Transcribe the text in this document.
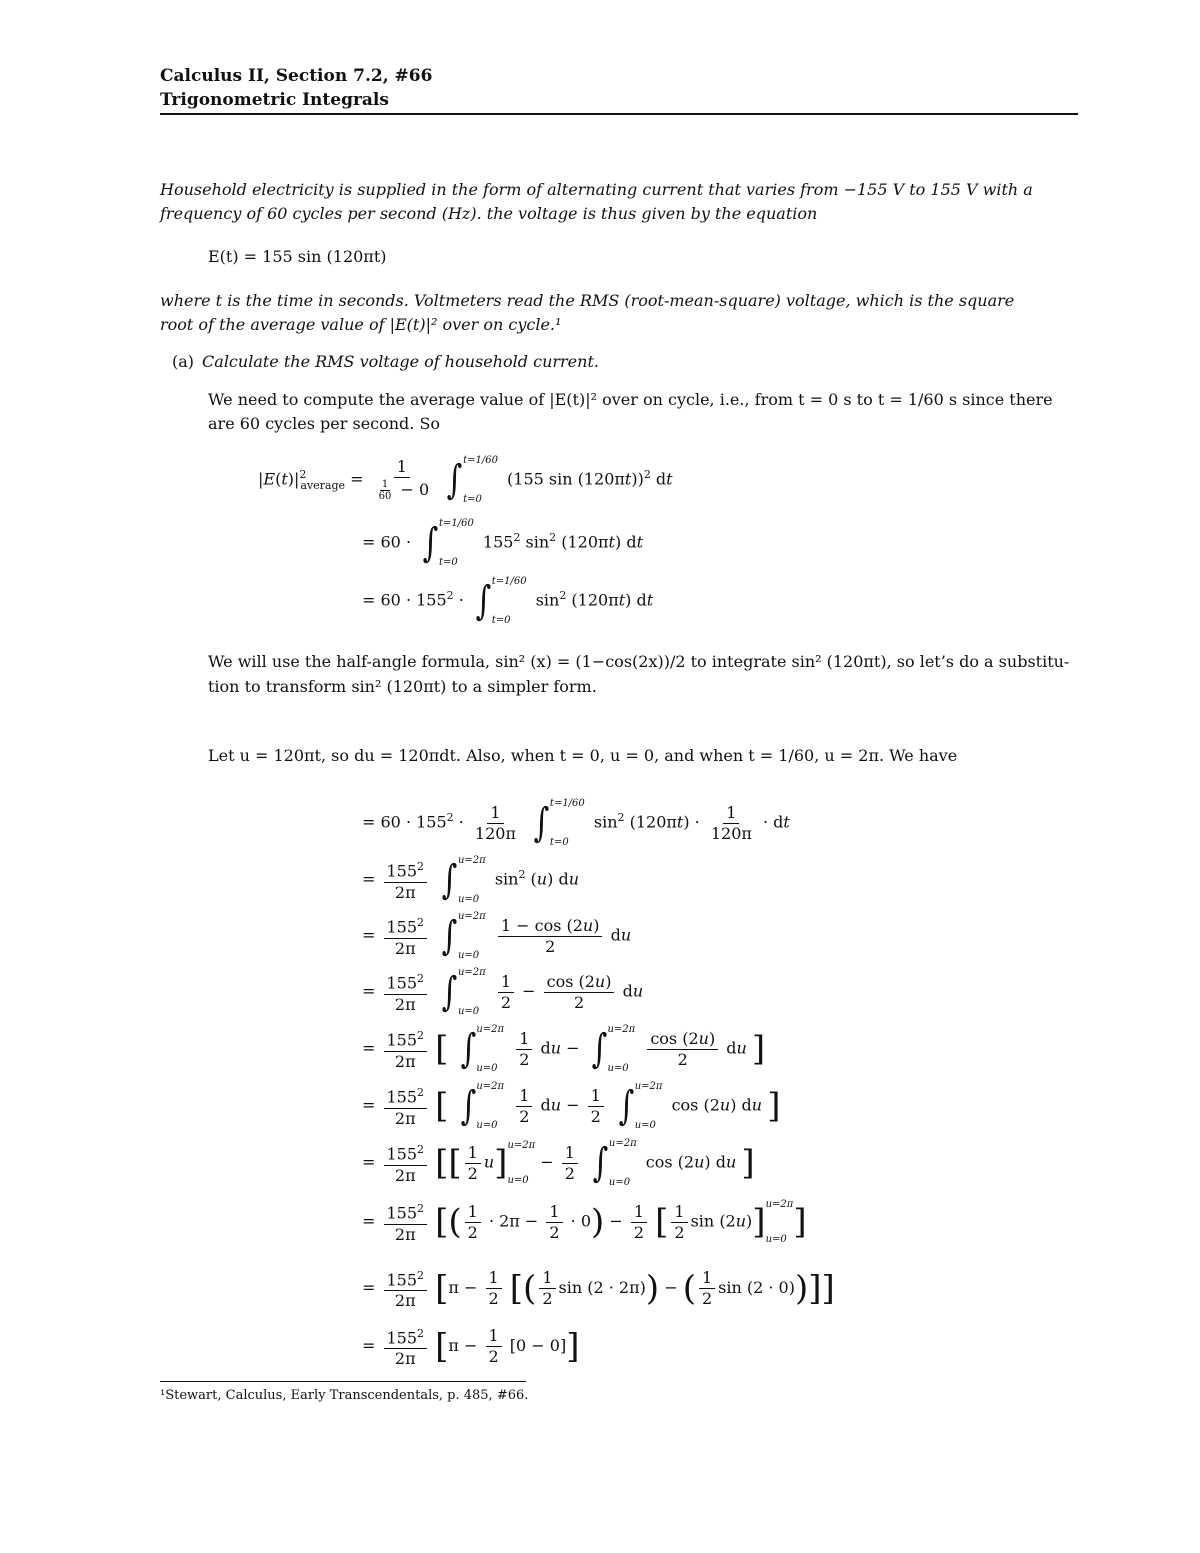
Calculus II, Section 7.2, #66
Trigonometric Integrals
Household electricity is supplied in the form of alternating current that varies from −155 V to 155 V with a
frequency of 60 cycles per second (Hz). the voltage is thus given by the equation
E(t) = 155 sin (120πt)
where t is the time in seconds. Voltmeters read the RMS (root-mean-square) voltage, which is the square
root of the average value of |E(t)|² over on cycle.¹
(a) Calculate the RMS voltage of household current.
We need to compute the average value of |E(t)|² over on cycle, i.e., from t = 0 s to t = 1/60 s since there
are 60 cycles per second. So
$|E(t)|^2_{average} = \frac{1}{\frac{1}{60} - 0}$
∫ t=1/60
t=0
(155 sin (120πt))$^2$ dt
= 60 · ∫ t=1/60
t=0
$155^2$ $\sin^2 (120\pi t)$ dt
= $60 \cdot 155^2$ · ∫ t=1/60
t=0
$\sin^2 (120\pi t)$ dt
We will use the half-angle formula, sin² (x) = (1−cos(2x))/2 to integrate sin² (120πt), so let’s do a substitu-
tion to transform sin² (120πt) to a simpler form.
Let u = 120πt, so du = 120πdt. Also, when t = 0, u = 0, and when t = 1/60, u = 2π. We have
= $60 \cdot 155^2 \cdot \frac{1}{120\pi}$
∫ t=1/60
t=0
$\sin^2 (120\pi t) \cdot \frac{1}{120\pi}$ · dt
= $\frac{155^2}{2\pi}$
∫ u=2π
u=0
$\sin^2 (u)$ du
= $\frac{155^2}{2\pi}$
∫ u=2π
u=0
	$\frac{1 - \cos (2u)}{2}$ du
= $\frac{155^2}{2\pi}$
∫ u=2π
u=0
	$\frac{1}{2} - \frac{\cos (2u)}{2}$ du
= $\frac{155^2}{2\pi}$ [ ∫ u=2π
u=0
	$\frac{1}{2}$ du − ∫ u=2π
u=0
	$\frac{\cos (2u)}{2}$ du ]
= $\frac{155^2}{2\pi}$ [ ∫ u=2π
u=0
	$\frac{1}{2}$ du − $\frac{1}{2}$
∫ u=2π
u=0
cos (2u) du ]
= $\frac{155^2}{2\pi}$ [[ $\frac{1}{2} u$] u=2π
u=0
− $\frac{1}{2}$
∫ u=2π
u=0
cos (2u) du ]
= $\frac{155^2}{2\pi}$ [( $\frac{1}{2} \cdot 2\pi - \frac{1}{2} \cdot 0) - \frac{1}{2}$ [ $\frac{1}{2}$ sin (2u)] u=2π
u=0 ]
= $\frac{155^2}{2\pi} [\pi - \frac{1}{2}$ [( $\frac{1}{2}$ sin (2 · 2π)) − ( $\frac{1}{2}$ sin (2 · 0))]]
= $\frac{155^2}{2\pi} [\pi - \frac{1}{2} [0 - 0]]$
¹Stewart, Calculus, Early Transcendentals, p. 485, #66.
